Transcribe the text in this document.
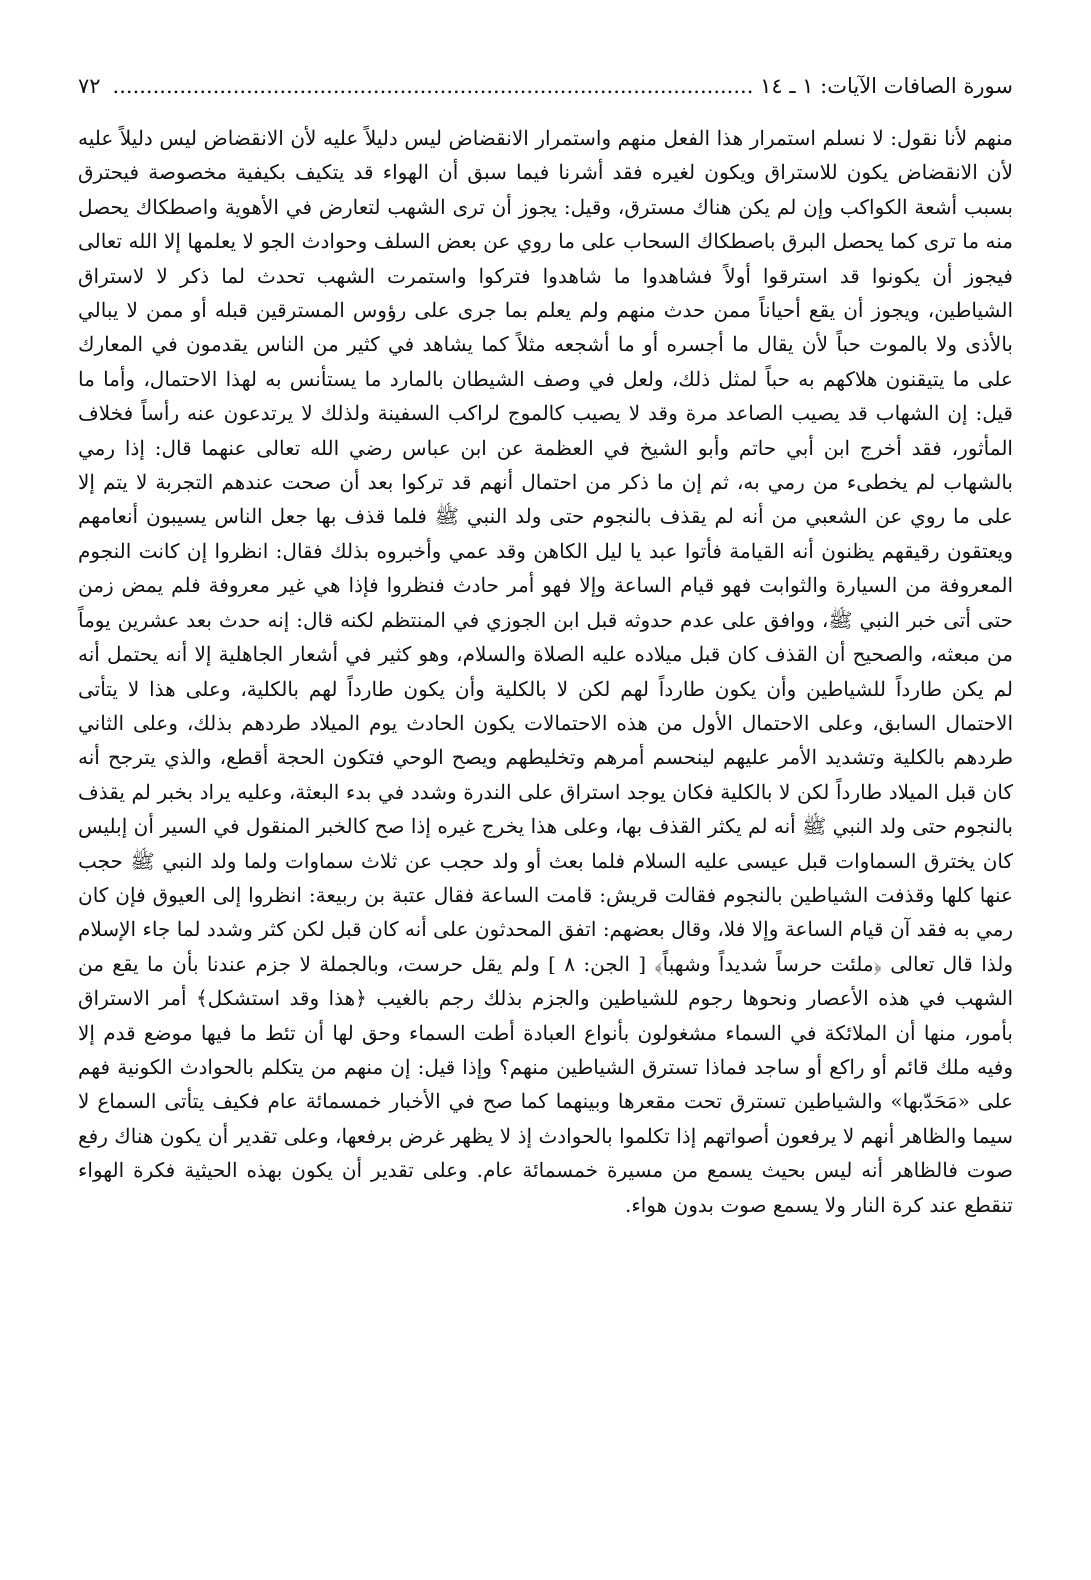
سورة الصافات الآيات: ١ ـ ١٤ .....
٧٢

منهم لأنا نقول: لا نسلم استمرار هذا الفعل منهم واستمرار الانقضاض ليس دليلاً عليه لأن الانقضاض ليس دليلاً عليه لأن الانقضاض يكون للاستراق ويكون لغيره فقد أشرنا فيما سبق أن الهواء قد يتكيف بكيفية مخصوصة فيحترق بسبب أشعة الكواكب وإن لم يكن هناك مسترق، وقيل: يجوز أن ترى الشهب لتعارض في الأهوية واصطكاك يحصل منه ما ترى كما يحصل البرق باصطكاك السحاب على ما روي عن بعض السلف وحوادث الجو لا يعلمها إلا الله تعالى فيجوز أن يكونوا قد استرقوا أولاً فشاهدوا ما شاهدوا فتركوا واستمرت الشهب تحدث لما ذكر لا لاستراق الشياطين، ويجوز أن يقع أحياناً ممن حدث منهم ولم يعلم بما جرى على رؤوس المسترقين قبله أو ممن لا يبالي بالأذى ولا بالموت حباً لأن يقال ما أجسره أو ما أشجعه مثلاً كما يشاهد في كثير من الناس يقدمون في المعارك على ما يتيقنون هلاكهم به حباً لمثل ذلك، ولعل في وصف الشيطان بالمارد ما يستأنس به لهذا الاحتمال، وأما ما قيل: إن الشهاب قد يصيب الصاعد مرة وقد لا يصيب كالموج لراكب السفينة ولذلك لا يرتدعون عنه رأساً فخلاف المأثور، فقد أخرج ابن أبي حاتم وأبو الشيخ في العظمة عن ابن عباس رضي الله تعالى عنهما قال: إذا رمي بالشهاب لم يخطىء من رمي به، ثم إن ما ذكر من احتمال أنهم قد تركوا بعد أن صحت عندهم التجربة لا يتم إلا على ما روي عن الشعبي من أنه لم يقذف بالنجوم حتى ولد النبي ﷺ فلما قذف بها جعل الناس يسيبون أنعامهم ويعتقون رقيقهم يظنون أنه القيامة فأتوا عبد يا ليل الكاهن وقد عمي وأخبروه بذلك فقال: انظروا إن كانت النجوم المعروفة من السيارة والثوابت فهو قيام الساعة وإلا فهو أمر حادث فنظروا فإذا هي غير معروفة فلم يمض زمن حتى أتى خبر النبي ﷺ، ووافق على عدم حدوثه قبل ابن الجوزي في المنتظم لكنه قال: إنه حدث بعد عشرين يوماً من مبعثه، والصحيح أن القذف كان قبل ميلاده عليه الصلاة والسلام، وهو كثير في أشعار الجاهلية إلا أنه يحتمل أنه لم يكن طارداً للشياطين وأن يكون طارداً لهم لكن لا بالكلية وأن يكون طارداً لهم بالكلية، وعلى هذا لا يتأتى الاحتمال السابق، وعلى الاحتمال الأول من هذه الاحتمالات يكون الحادث يوم الميلاد طردهم بذلك، وعلى الثاني طردهم بالكلية وتشديد الأمر عليهم لينحسم أمرهم وتخليطهم ويصح الوحي فتكون الحجة أقطع، والذي يترجح أنه كان قبل الميلاد طارداً لكن لا بالكلية فكان يوجد استراق على الندرة وشدد في بدء البعثة، وعليه يراد بخبر لم يقذف بالنجوم حتى ولد النبي ﷺ أنه لم يكثر القذف بها، وعلى هذا يخرج غيره إذا صح كالخبر المنقول في السير أن إبليس كان يخترق السماوات قبل عيسى عليه السلام فلما بعث أو ولد حجب عن ثلاث سماوات ولما ولد النبي ﷺ حجب عنها كلها وقذفت الشياطين بالنجوم فقالت قريش: قامت الساعة فقال عتبة بن ربيعة: انظروا إلى العيوق فإن كان رمي به فقد آن قيام الساعة وإلا فلا، وقال بعضهم: اتفق المحدثون على أنه كان قبل لكن كثر وشدد لما جاء الإسلام ولذا قال تعالى ﴿ملئت حرساً شديداً وشهباً﴾ [ الجن: ٨ ] ولم يقل حرست، وبالجملة لا جزم عندنا بأن ما يقع من الشهب في هذه الأعصار ونحوها رجوم للشياطين والجزم بذلك رجم بالغيب ﴿هذا وقد استشكل﴾ أمر الاستراق بأمور، منها أن الملائكة في السماء مشغولون بأنواع العبادة أطت السماء وحق لها أن تئط ما فيها موضع قدم إلا وفيه ملك قائم أو راكع أو ساجد فماذا تسترق الشياطين منهم؟ وإذا قيل: إن منهم من يتكلم بالحوادث الكونية فهم على «مَحَدّبها» والشياطين تسترق تحت مقعرها وبينهما كما صح في الأخبار خمسمائة عام فكيف يتأتى السماع لا سيما والظاهر أنهم لا يرفعون أصواتهم إذا تكلموا بالحوادث إذ لا يظهر غرض برفعها، وعلى تقدير أن يكون هناك رفع صوت فالظاهر أنه ليس بحيث يسمع من مسيرة خمسمائة عام. وعلى تقدير أن يكون بهذه الحيثية فكرة الهواء تنقطع عند كرة النار ولا يسمع صوت بدون هواء.
